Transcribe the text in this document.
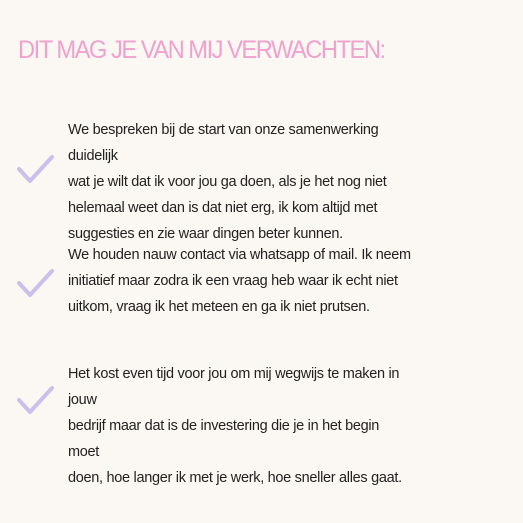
DIT MAG JE VAN MIJ VERWACHTEN:

We bespreken bij de start van onze samenwerking duidelijk
wat je wilt dat ik voor jou ga doen, als je het nog niet
helemaal weet dan is dat niet erg, ik kom altijd met
suggesties en zie waar dingen beter kunnen.

We houden nauw contact via whatsapp of mail. Ik neem
initiatief maar zodra ik een vraag heb waar ik echt niet
uitkom, vraag ik het meteen en ga ik niet prutsen.

Het kost even tijd voor jou om mij wegwijs te maken in jouw
bedrijf maar dat is de investering die je in het begin moet
doen, hoe langer ik met je werk, hoe sneller alles gaat.
